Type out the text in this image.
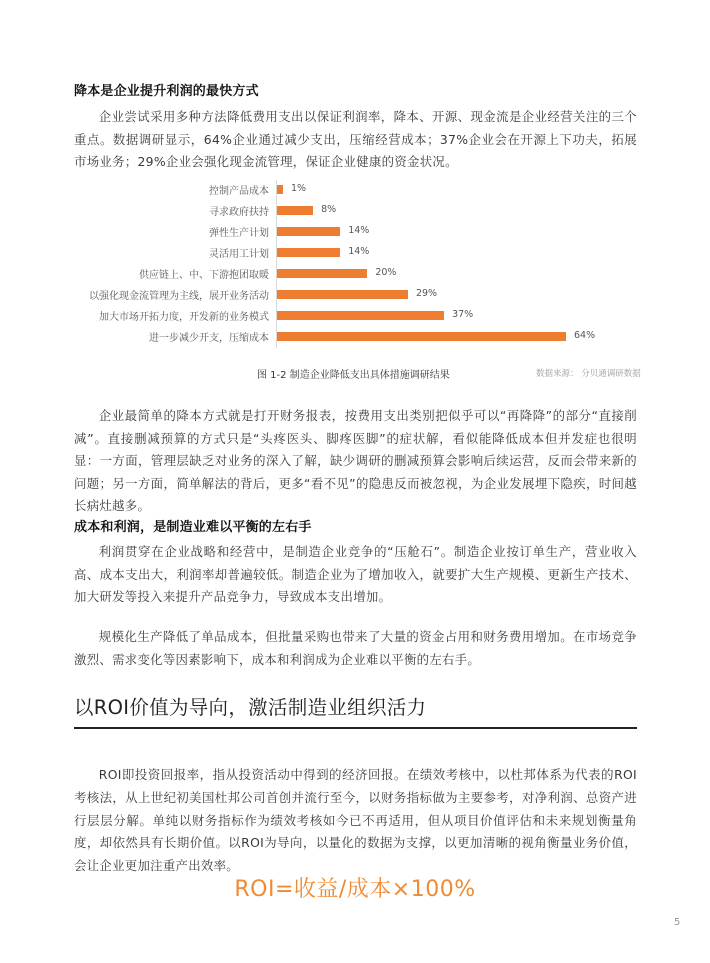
降本是企业提升利润的最快方式
企业尝试采用多种方法降低费用支出以保证利润率，降本、开源、现金流是企业经营关注的三个重点。数据调研显示，64%企业通过减少支出，压缩经营成本；37%企业会在开源上下功夫，拓展市场业务；29%企业会强化现金流管理，保证企业健康的资金状况。
控制产品成本 1%
寻求政府扶持	8%
弹性生产计划	14%
灵活用工计划	14%
供应链上、中、下游抱团取暖	20%
以强化现金流管理为主线，展开业务活动	29%
加大市场开拓力度，开发新的业务模式	37%
进一步减少开支，压缩成本	64%
图 1-2 制造企业降低支出具体措施调研结果	数据来源： 分贝通调研数据
企业最简单的降本方式就是打开财务报表，按费用支出类别把似乎可以“再降降”的部分“直接削减”。直接删减预算的方式只是“头疼医头、脚疼医脚”的症状解，看似能降低成本但并发症也很明显：一方面，管理层缺乏对业务的深入了解，缺少调研的删减预算会影响后续运营，反而会带来新的问题；另一方面，简单解法的背后，更多“看不见”的隐患反而被忽视，为企业发展埋下隐疾，时间越长病灶越多。
成本和利润，是制造业难以平衡的左右手
利润贯穿在企业战略和经营中，是制造企业竞争的“压舱石”。制造企业按订单生产，营业收入高、成本支出大，利润率却普遍较低。制造企业为了增加收入，就要扩大生产规模、更新生产技术、加大研发等投入来提升产品竞争力，导致成本支出增加。
规模化生产降低了单品成本，但批量采购也带来了大量的资金占用和财务费用增加。在市场竞争激烈、需求变化等因素影响下，成本和利润成为企业难以平衡的左右手。
以ROI价值为导向，激活制造业组织活力
ROI即投资回报率，指从投资活动中得到的经济回报。在绩效考核中，以杜邦体系为代表的ROI考核法，从上世纪初美国杜邦公司首创并流行至今，以财务指标做为主要参考，对净利润、总资产进行层层分解。单纯以财务指标作为绩效考核如今已不再适用，但从项目价值评估和未来规划衡量角度，却依然具有长期价值。以ROI为导向，以量化的数据为支撑，以更加清晰的视角衡量业务价值，会让企业更加注重产出效率。
ROI=收益/成本×100%
5
